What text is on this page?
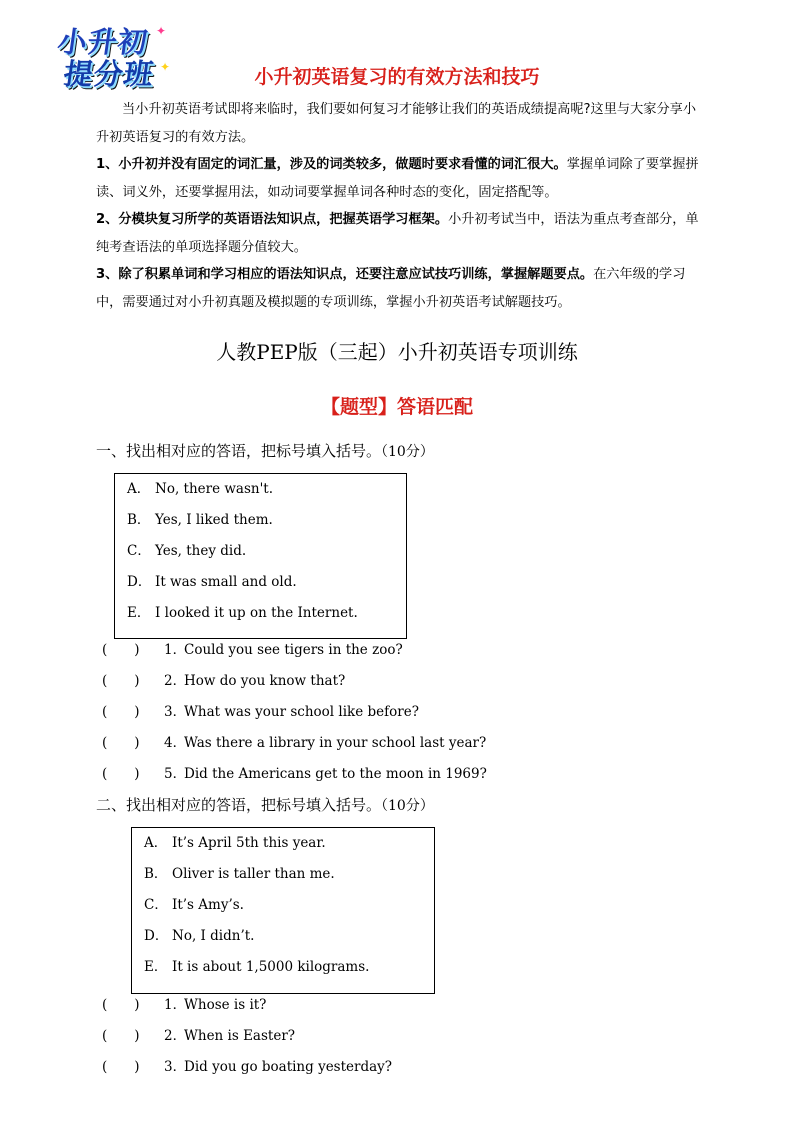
小升初
提分班
✦
✦	小升初英语复习的有效方法和技巧

当小升初英语考试即将来临时，我们要如何复习才能够让我们的英语成绩提高呢?这里与大家分享小升初英语复习的有效方法。

1、小升初并没有固定的词汇量，涉及的词类较多，做题时要求看懂的词汇很大。掌握单词除了要掌握拼读、词义外，还要掌握用法，如动词要掌握单词各种时态的变化，固定搭配等。

2、分模块复习所学的英语语法知识点，把握英语学习框架。小升初考试当中，语法为重点考查部分，单纯考查语法的单项选择题分值较大。

3、除了积累单词和学习相应的语法知识点，还要注意应试技巧训练，掌握解题要点。在六年级的学习中，需要通过对小升初真题及模拟题的专项训练，掌握小升初英语考试解题技巧。

人教PEP版（三起）小升初英语专项训练
【题型】答语匹配
一、找出相对应的答语，把标号填入括号。（10分）
A． No, there wasn't.
B． Yes, I liked them.
C． Yes, they did.
D． It was small and old.
E． I looked it up on the Internet.
(　　) 1．Could you see tigers in the zoo?
(　　) 2．How do you know that?
(　　) 3．What was your school like before?
(　　) 4．Was there a library in your school last year?
(　　) 5．Did the Americans get to the moon in 1969?
二、找出相对应的答语，把标号填入括号。（10分）
A． It’s April 5th this year.
B． Oliver is taller than me.
C． It’s Amy’s.
D． No, I didn’t.
E． It is about 1,5000 kilograms.
(　　) 1．Whose is it?
(　　) 2．When is Easter?
(　　) 3．Did you go boating yesterday?
